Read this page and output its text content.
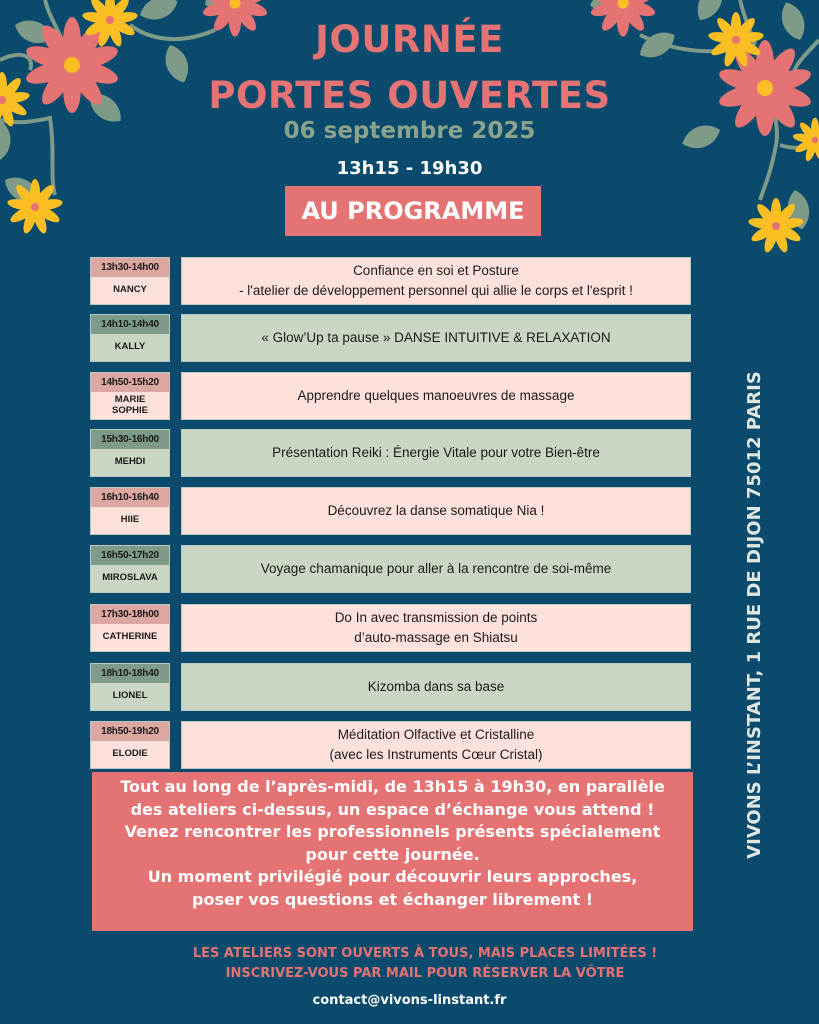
JOURNÉE
PORTES OUVERTES
06 septembre 2025
13h15 - 19h30
AU PROGRAMME
13h30-14h00
NANCY
Confiance en soi et Posture
- l'atelier de développement personnel qui allie le corps et l'esprit !
14h10-14h40
KALLY
« Glow’Up ta pause » DANSE INTUITIVE & RELAXATION
14h50-15h20
MARIE
SOPHIE
Apprendre quelques manoeuvres de massage
15h30-16h00
MEHDI
Présentation Reiki : Énergie Vitale pour votre Bien-être
16h10-16h40
HIIE
Découvrez la danse somatique Nia !
16h50-17h20
MIROSLAVA
Voyage chamanique pour aller à la rencontre de soi-même
17h30-18h00
CATHERINE
Do In avec transmission de points
d’auto-massage en Shiatsu
18h10-18h40
LIONEL
Kizomba dans sa base
18h50-19h20
ELODIE
Méditation Olfactive et Cristalline
(avec les Instruments Cœur Cristal)
Tout au long de l’après-midi, de 13h15 à 19h30, en parallèle
des ateliers ci-dessus, un espace d’échange vous attend !
Venez rencontrer les professionnels présents spécialement
pour cette journée.
Un moment privilégié pour découvrir leurs approches,
poser vos questions et échanger librement !
LES ATELIERS SONT OUVERTS À TOUS, MAIS PLACES LIMITÉES !
INSCRIVEZ-VOUS PAR MAIL POUR RÉSERVER LA VÔTRE
contact@vivons-linstant.fr
VIVONS L’INSTANT, 1 RUE DE DIJON 75012 PARIS
